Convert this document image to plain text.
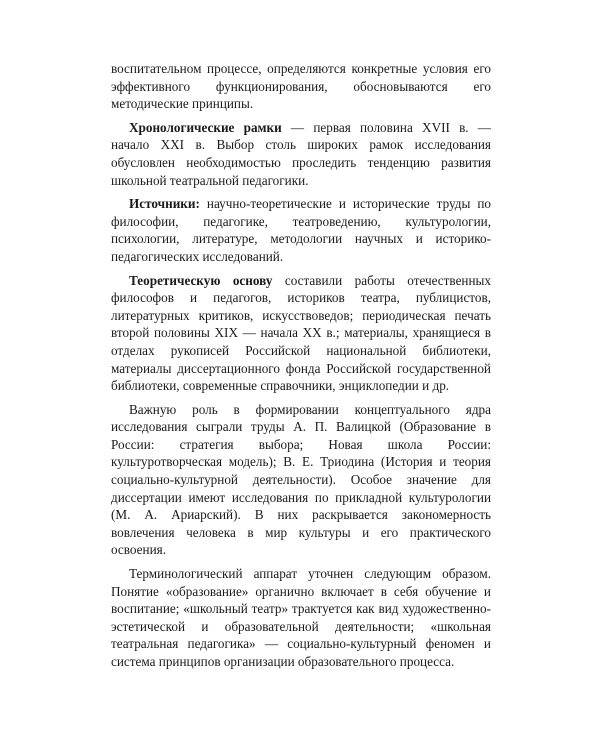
воспитательном процессе, определяются конкретные условия его эффективного функционирования, обосновываются его методические принципы.

Хронологические рамки — первая половина XVII в. — начало XXI в. Выбор столь широких рамок исследования обусловлен необходимостью проследить тенденцию развития школьной театральной педагогики.

Источники: научно-теоретические и исторические труды по философии, педагогике, театроведению, культурологии, психологии, литературе, методологии научных и историко-педагогических исследований.

Теоретическую основу составили работы отечественных философов и педагогов, историков театра, публицистов, литературных критиков, искусствоведов; периодическая печать второй половины XIX — начала XX в.; материалы, хранящиеся в отделах рукописей Российской национальной библиотеки, материалы диссертационного фонда Российской государственной библиотеки, современные справочники, энциклопедии и др.

Важную роль в формировании концептуального ядра исследования сыграли труды А. П. Валицкой (Образование в России: стратегия выбора; Новая школа России: культуротворческая модель); В. Е. Триодина (История и теория социально-культурной деятельности). Особое значение для диссертации имеют исследования по прикладной культурологии (М. А. Ариарский). В них раскрывается закономерность вовлечения человека в мир культуры и его практического освоения.

Терминологический аппарат уточнен следующим образом. Понятие «образование» органично включает в себя обучение и воспитание; «школьный театр» трактуется как вид художественно-эстетической и образовательной деятельности; «школьная театральная педагогика» — социально-культурный феномен и система принципов организации образовательного процесса.
